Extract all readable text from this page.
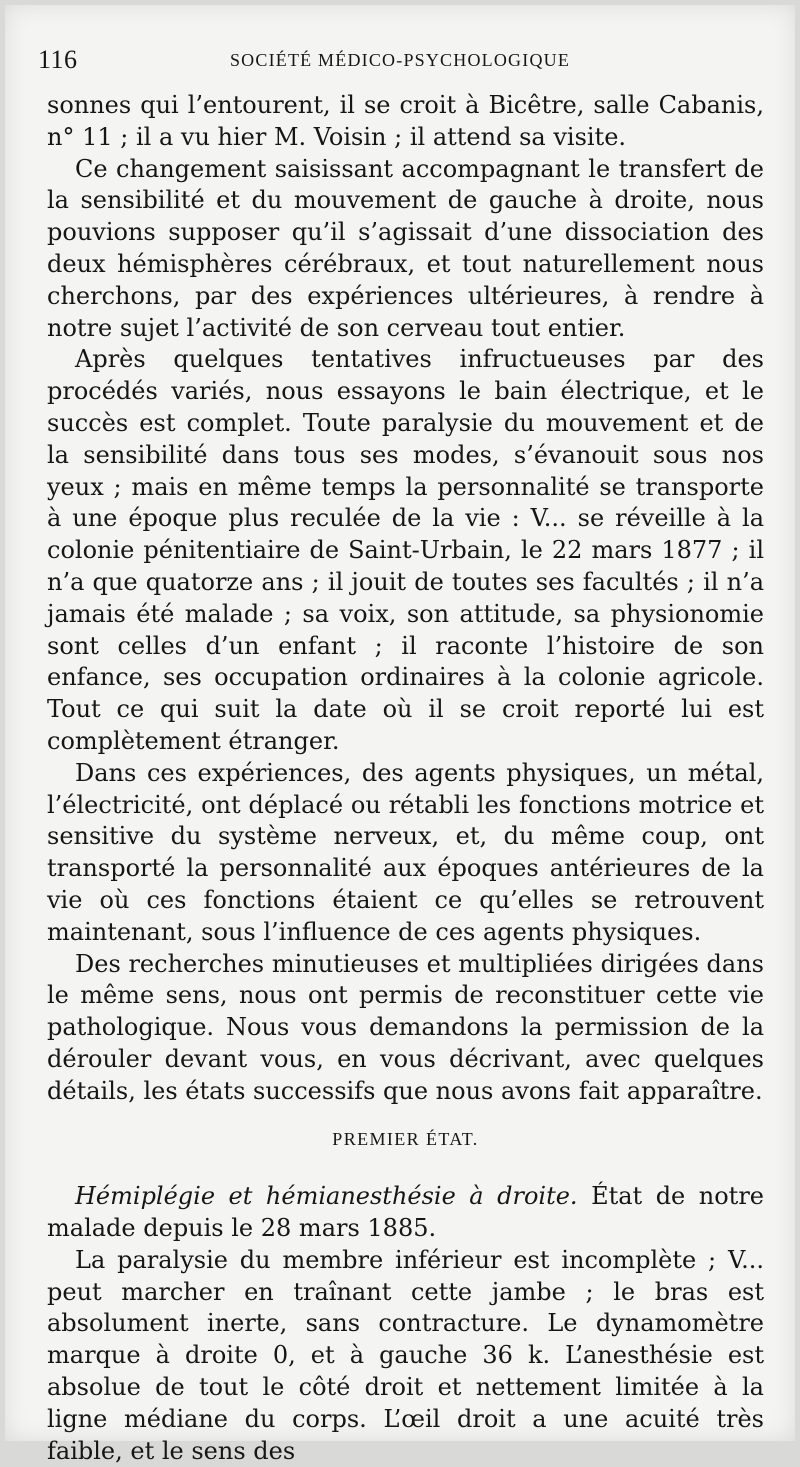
116	SOCIÉTÉ MÉDICO-PSYCHOLOGIQUE

sonnes qui l’entourent, il se croit à Bicêtre, salle Cabanis, n° 11 ; il a vu hier M. Voisin ; il attend sa visite.

Ce changement saisissant accompagnant le transfert de la sensibilité et du mouvement de gauche à droite, nous pouvions supposer qu’il s’agissait d’une dissociation des deux hémisphères cérébraux, et tout naturellement nous cherchons, par des expériences ultérieures, à rendre à notre sujet l’activité de son cerveau tout entier.

Après quelques tentatives infructueuses par des procédés variés, nous essayons le bain électrique, et le succès est complet. Toute paralysie du mouvement et de la sensibilité dans tous ses modes, s’évanouit sous nos yeux ; mais en même temps la personnalité se transporte à une époque plus reculée de la vie : V... se réveille à la colonie pénitentiaire de Saint-Urbain, le 22 mars 1877 ; il n’a que quatorze ans ; il jouit de toutes ses facultés ; il n’a jamais été malade ; sa voix, son attitude, sa physionomie sont celles d’un enfant ; il raconte l’histoire de son enfance, ses occupation ordinaires à la colonie agricole. Tout ce qui suit la date où il se croit reporté lui est complètement étranger.

Dans ces expériences, des agents physiques, un métal, l’électricité, ont déplacé ou rétabli les fonctions motrice et sensitive du système nerveux, et, du même coup, ont transporté la personnalité aux époques antérieures de la vie où ces fonctions étaient ce qu’elles se retrouvent maintenant, sous l’influence de ces agents physiques.

Des recherches minutieuses et multipliées dirigées dans le même sens, nous ont permis de reconstituer cette vie pathologique. Nous vous demandons la permission de la dérouler devant vous, en vous décrivant, avec quelques détails, les états successifs que nous avons fait apparaître.

PREMIER ÉTAT.

Hémiplégie et hémianesthésie à droite. État de notre malade depuis le 28 mars 1885.

La paralysie du membre inférieur est incomplète ; V... peut marcher en traînant cette jambe ; le bras est absolument inerte, sans contracture. Le dynamomètre marque à droite 0, et à gauche 36 k. L’anesthésie est absolue de tout le côté droit et nettement limitée à la ligne médiane du corps. L’œil droit a une acuité très faible, et le sens des
